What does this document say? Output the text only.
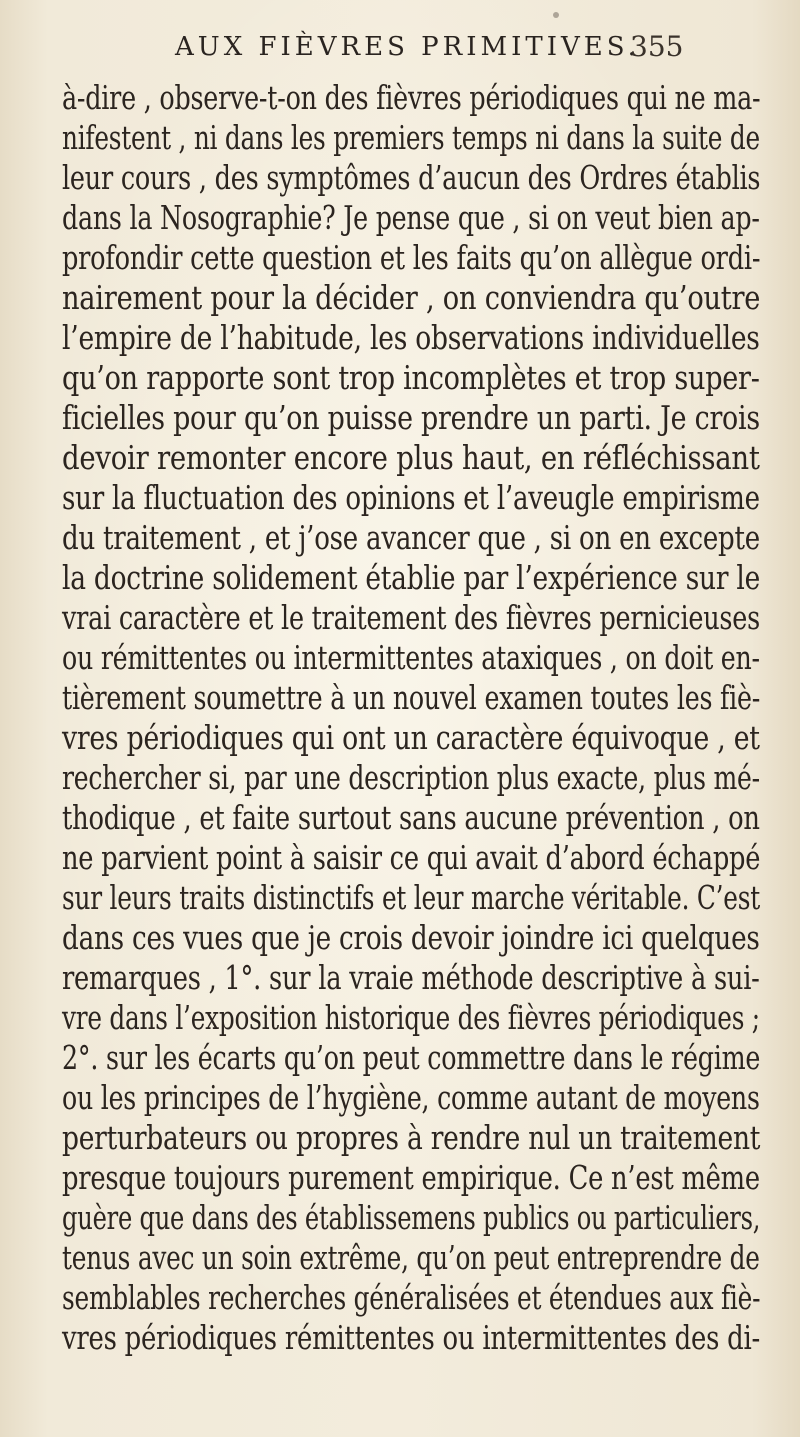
AUX FIÈVRES PRIMITIVES.
355
à-dire , observe-t-on des fièvres périodiques qui ne ma-
nifestent , ni dans les premiers temps ni dans la suite de
leur cours , des symptômes d’aucun des Ordres établis
dans la Nosographie? Je pense que , si on veut bien ap-
profondir cette question et les faits qu’on allègue ordi-
nairement pour la décider , on conviendra qu’outre
l’empire de l’habitude, les observations individuelles
qu’on rapporte sont trop incomplètes et trop super-
ficielles pour qu’on puisse prendre un parti. Je crois
devoir remonter encore plus haut, en réfléchissant
sur la fluctuation des opinions et l’aveugle empirisme
du traitement , et j’ose avancer que , si on en excepte
la doctrine solidement établie par l’expérience sur le
vrai caractère et le traitement des fièvres pernicieuses
ou rémittentes ou intermittentes ataxiques , on doit en-
tièrement soumettre à un nouvel examen toutes les fiè-
vres périodiques qui ont un caractère équivoque , et
rechercher si, par une description plus exacte, plus mé-
thodique , et faite surtout sans aucune prévention , on
ne parvient point à saisir ce qui avait d’abord échappé
sur leurs traits distinctifs et leur marche véritable. C’est
dans ces vues que je crois devoir joindre ici quelques
remarques , 1°. sur la vraie méthode descriptive à sui-
vre dans l’exposition historique des fièvres périodiques ;
2°. sur les écarts qu’on peut commettre dans le régime
ou les principes de l’hygiène, comme autant de moyens
perturbateurs ou propres à rendre nul un traitement
presque toujours purement empirique. Ce n’est même
guère que dans des établissemens publics ou particuliers,
tenus avec un soin extrême, qu’on peut entreprendre de
semblables recherches généralisées et étendues aux fiè-
vres périodiques rémittentes ou intermittentes des di-
